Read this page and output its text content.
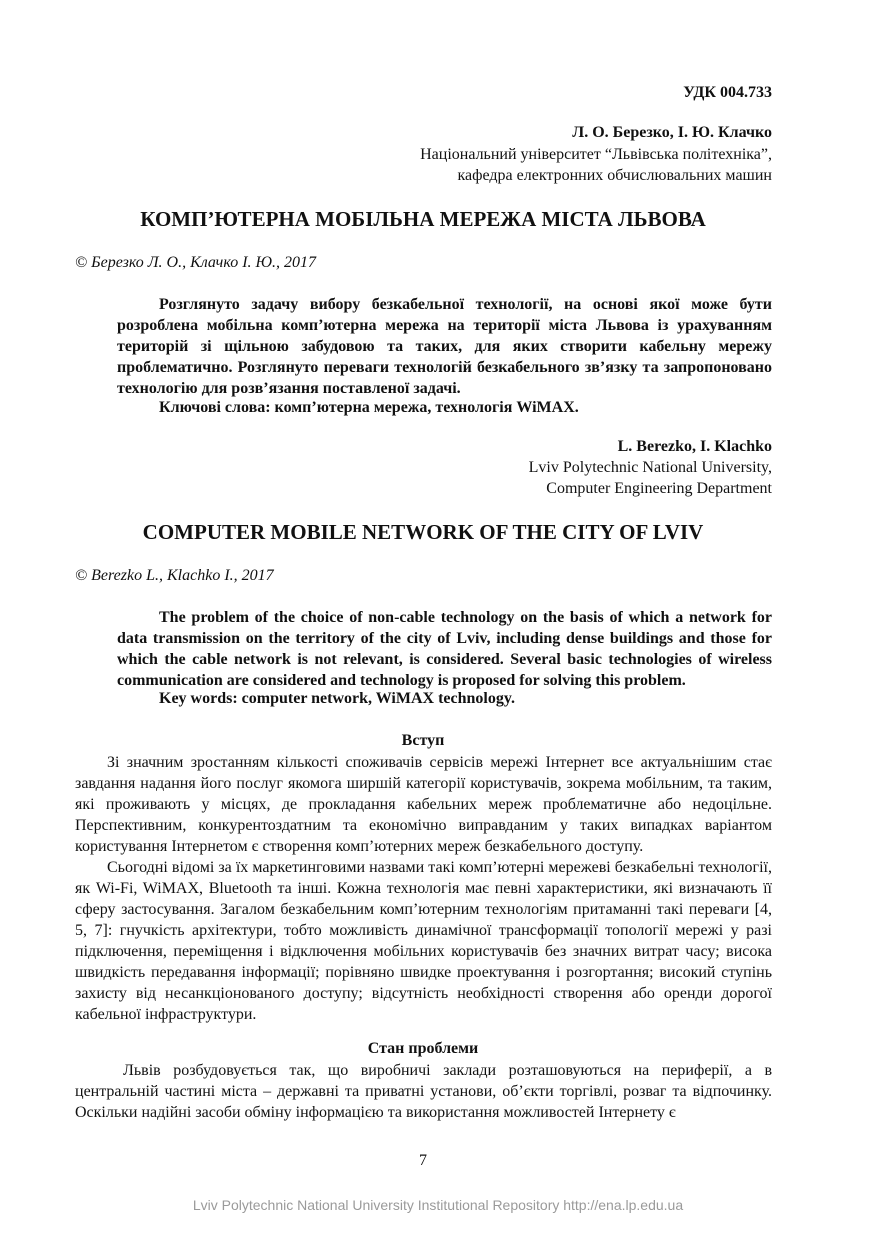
УДК 004.733
Л. О. Березко, І. Ю. Клачко
Національний університет “Львівська політехніка”,
кафедра електронних обчислювальних машин
КОМП’ЮТЕРНА МОБІЛЬНА МЕРЕЖА МІСТА ЛЬВОВА
© Березко Л. О., Клачко І. Ю., 2017
Розглянуто задачу вибору безкабельної технології, на основі якої може бути розроблена мобільна комп’ютерна мережа на території міста Львова із урахуванням територій зі щільною забудовою та таких, для яких створити кабельну мережу проблематично. Розглянуто переваги технологій безкабельного зв’язку та запропоновано технологію для розв’язання поставленої задачі.
Ключові слова: комп’ютерна мережа, технологія WiMAX.
L. Berezko, I. Klachko
Lviv Polytechnic National University,
Computer Engineering Department
COMPUTER MOBILE NETWORK OF THE CITY OF LVIV
© Berezko L., Klachko I., 2017
The problem of the choice of non-cable technology on the basis of which a network for data transmission on the territory of the city of Lviv, including dense buildings and those for which the cable network is not relevant, is considered. Several basic technologies of wireless communication are considered and technology is proposed for solving this problem.
Key words: computer network, WiMAX technology.
Вступ
Зі значним зростанням кількості споживачів сервісів мережі Інтернет все актуальнішим стає завдання надання його послуг якомога ширшій категорії користувачів, зокрема мобільним, та таким, які проживають у місцях, де прокладання кабельних мереж проблематичне або недоцільне. Перспективним, конкурентоздатним та економічно виправданим у таких випадках варіантом користування Інтернетом є створення комп’ютерних мереж безкабельного доступу.
Сьогодні відомі за їх маркетинговими назвами такі комп’ютерні мережеві безкабельні технології, як Wi-Fi, WiMAX, Bluetooth та інші. Кожна технологія має певні характеристики, які визначають її сферу застосування. Загалом безкабельним комп’ютерним технологіям притаманні такі переваги [4, 5, 7]: гнучкість архітектури, тобто можливість динамічної трансформації топології мережі у разі підключення, переміщення і відключення мобільних користувачів без значних витрат часу; висока швидкість передавання інформації; порівняно швидке проектування і розгортання; високий ступінь захисту від несанкціонованого доступу; відсутність необхідності створення або оренди дорогої кабельної інфраструктури.
Стан проблеми
Львів розбудовується так, що виробничі заклади розташовуються на периферії, а в центральній частині міста – державні та приватні установи, об’єкти торгівлі, розваг та відпочинку. Оскільки надійні засоби обміну інформацією та використання можливостей Інтернету є
7
Lviv Polytechnic National University Institutional Repository http://ena.lp.edu.ua
